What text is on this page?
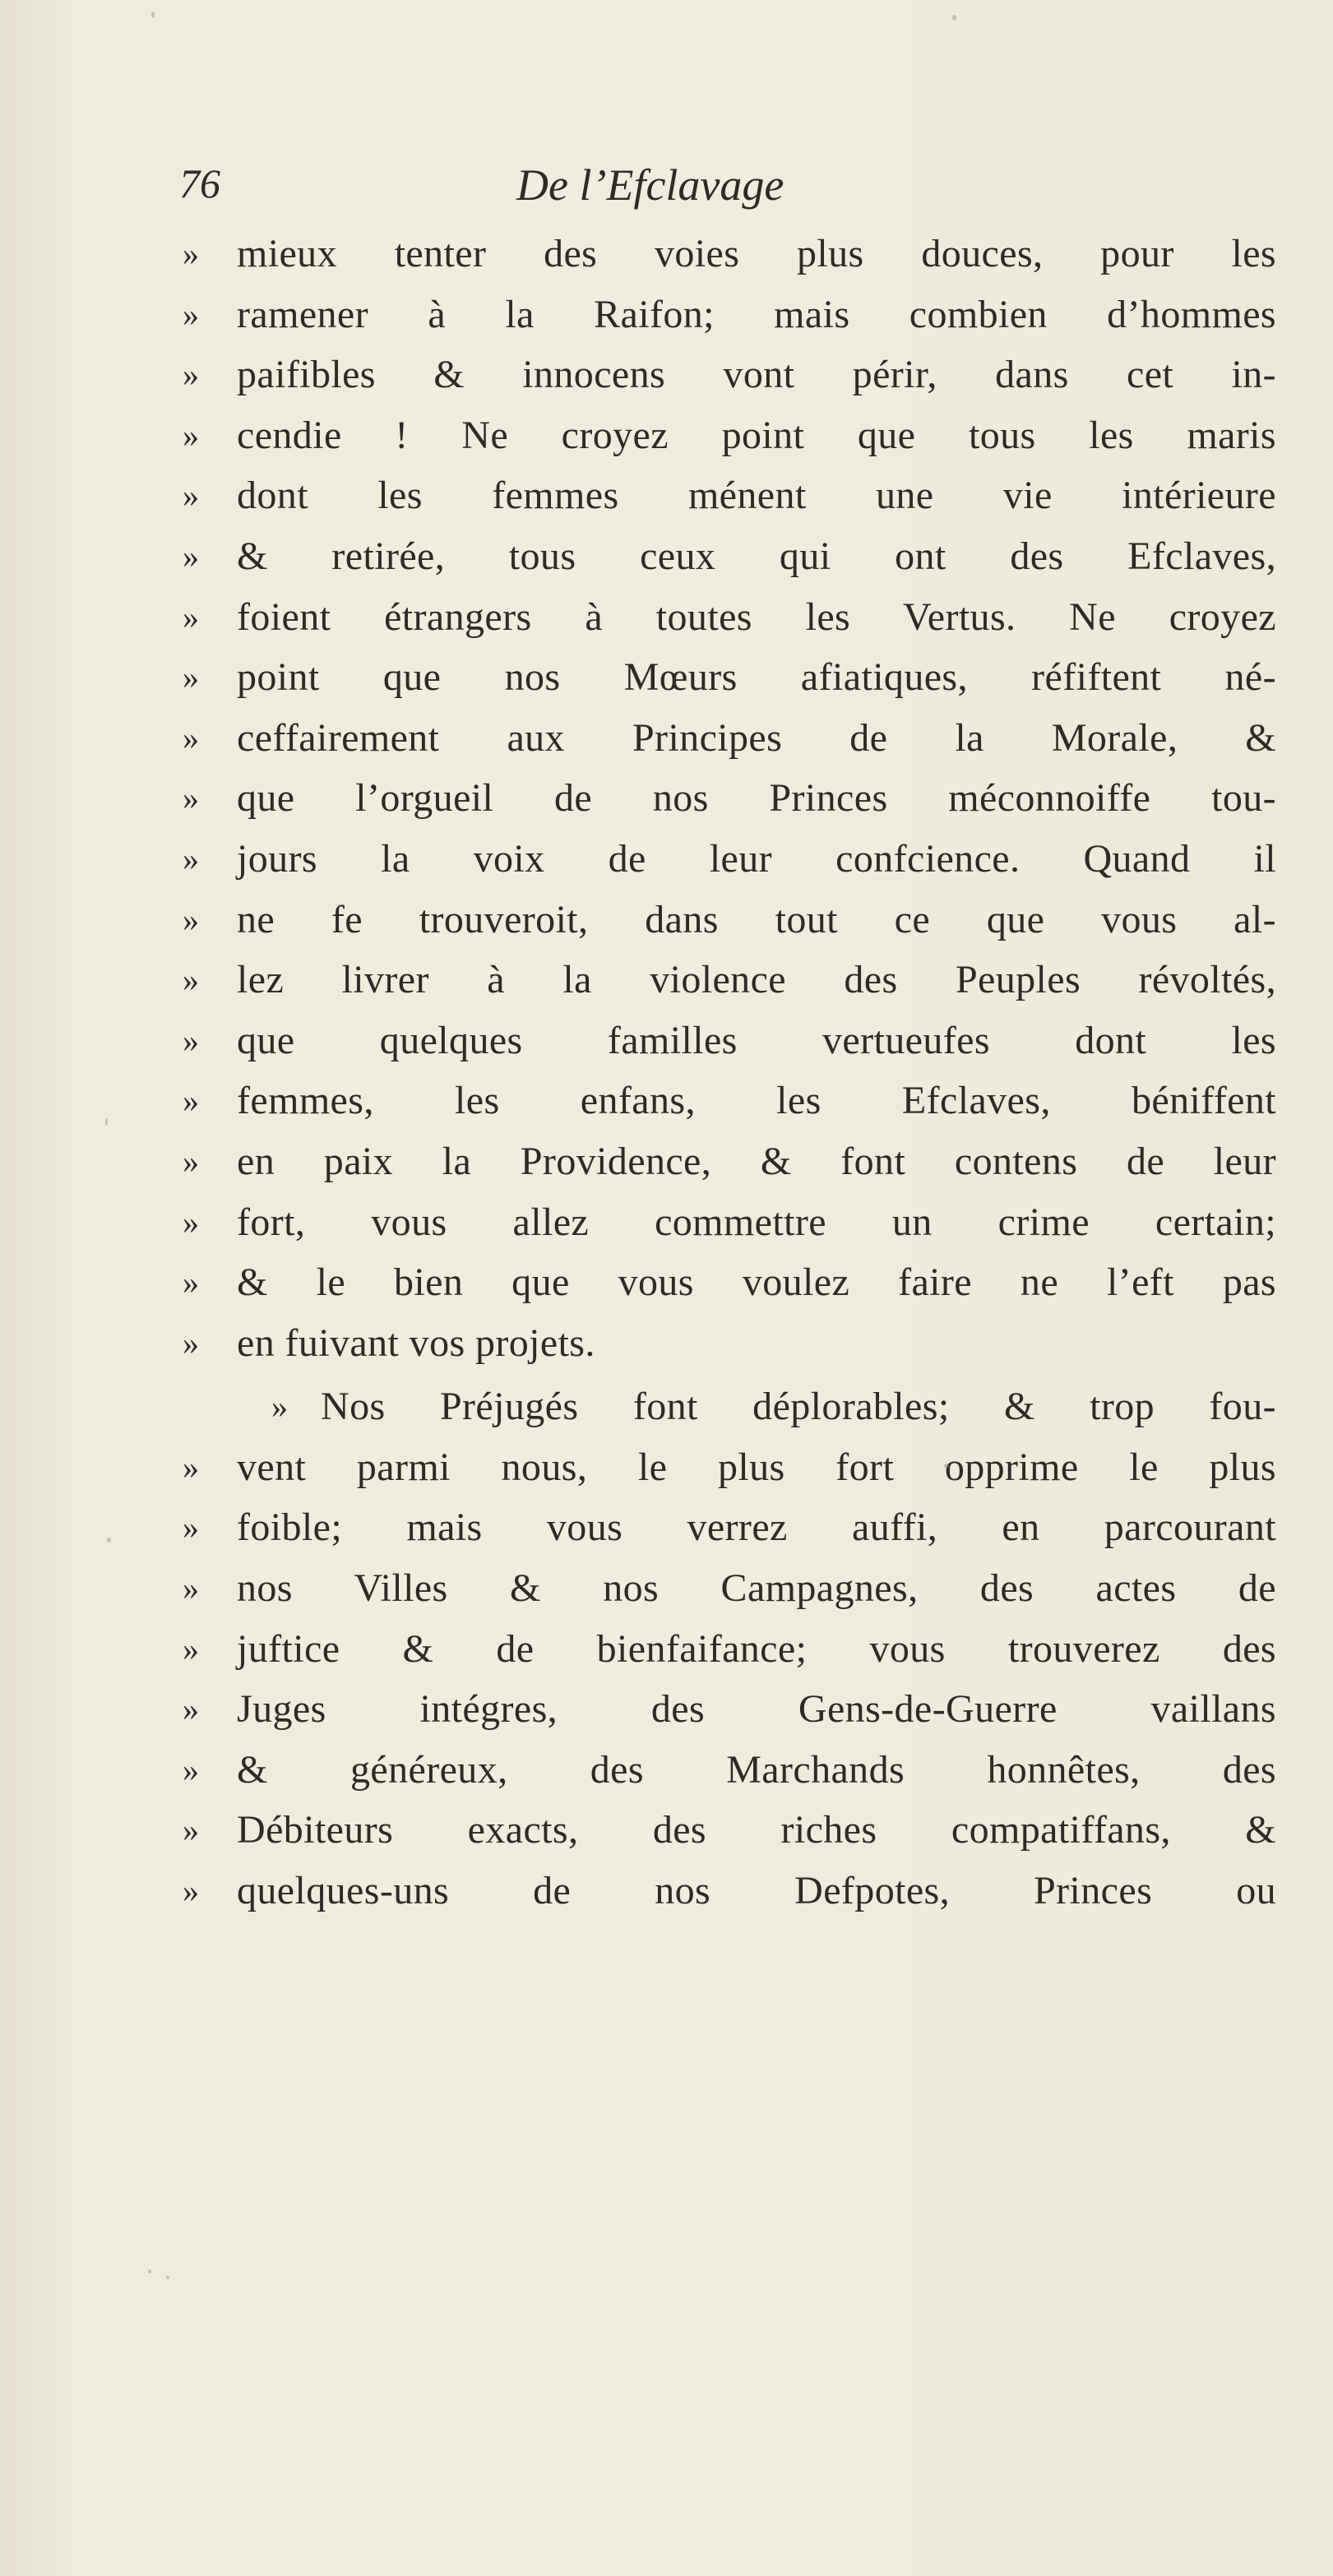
76	De l’Efclavage
» mieux tenter des voies plus douces, pour les
» ramener à la Raifon; mais combien d’hommes
» paifibles & innocens vont périr, dans cet in-
» cendie ! Ne croyez point que tous les maris
» dont les femmes ménent une vie intérieure
» & retirée, tous ceux qui ont des Efclaves,
» foient étrangers à toutes les Vertus. Ne croyez
» point que nos Mœurs afiatiques, réfiftent né-
» ceffairement aux Principes de la Morale, &
» que l’orgueil de nos Princes méconnoiffe tou-
» jours la voix de leur confcience. Quand il
» ne fe trouveroit, dans tout ce que vous al-
» lez livrer à la violence des Peuples révoltés,
» que quelques familles vertueufes dont les
» femmes, les enfans, les Efclaves, béniffent
» en paix la Providence, & font contens de leur
» fort, vous allez commettre un crime certain;
» & le bien que vous voulez faire ne l’eft pas
» en fuivant vos projets.
» Nos Préjugés font déplorables; & trop fou-
» vent parmi nous, le plus fort opprime le plus
» foible; mais vous verrez auffi, en parcourant
» nos Villes & nos Campagnes, des actes de
» juftice & de bienfaifance; vous trouverez des
» Juges intégres, des Gens-de-Guerre vaillans
» & généreux, des Marchands honnêtes, des
» Débiteurs exacts, des riches compatiffans, &
» quelques-uns de nos Defpotes, Princes ou
